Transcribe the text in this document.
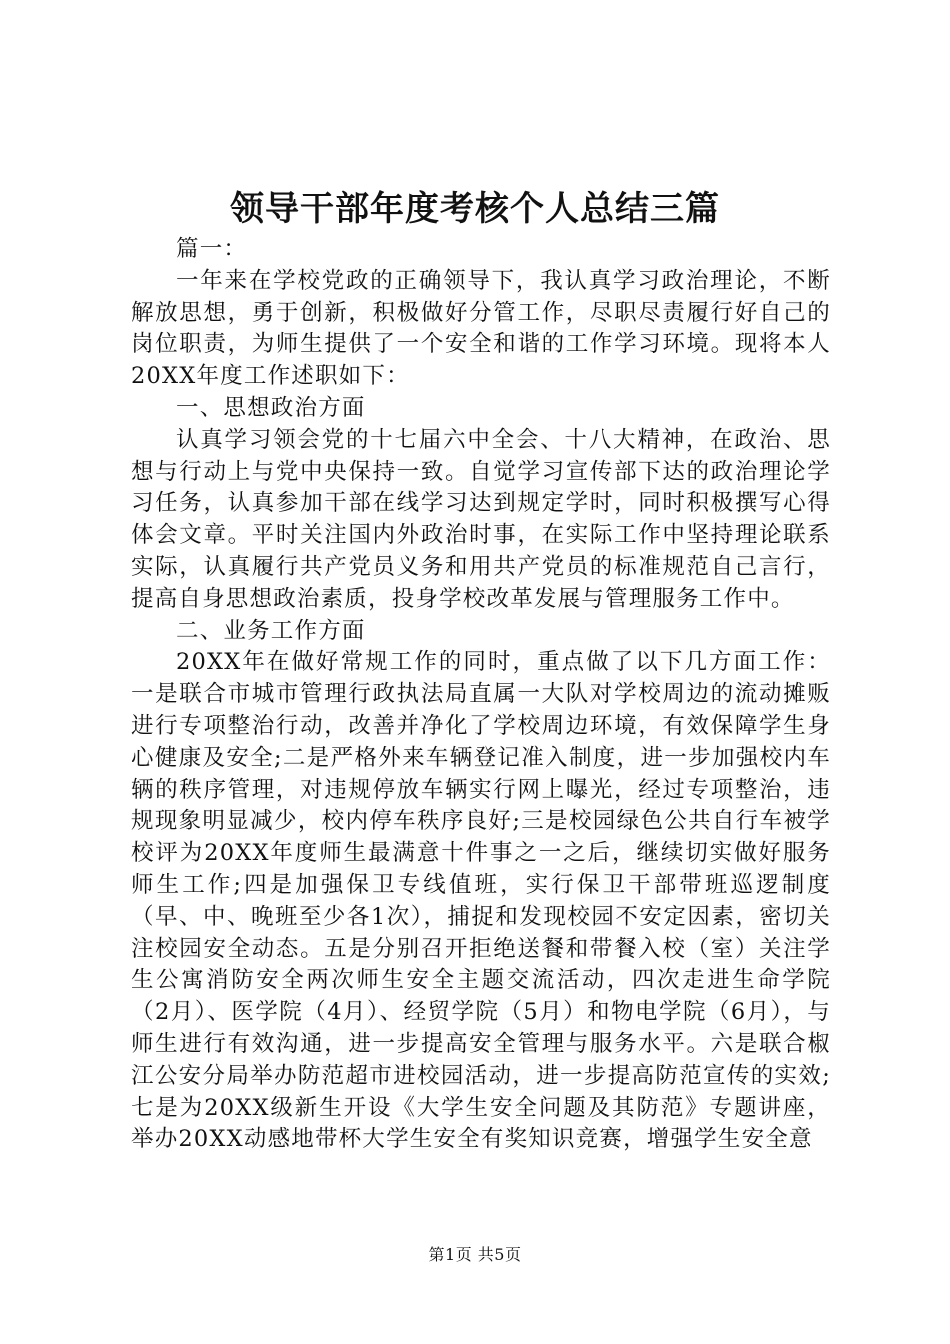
领导干部年度考核个人总结三篇

篇一：

一年来在学校党政的正确领导下，我认真学习政治理论，不断解放思想，勇于创新，积极做好分管工作，尽职尽责履行好自己的岗位职责，为师生提供了一个安全和谐的工作学习环境。现将本人20XX年度工作述职如下：

一、思想政治方面

认真学习领会党的十七届六中全会、十八大精神，在政治、思想与行动上与党中央保持一致。自觉学习宣传部下达的政治理论学习任务，认真参加干部在线学习达到规定学时，同时积极撰写心得体会文章。平时关注国内外政治时事，在实际工作中坚持理论联系实际，认真履行共产党员义务和用共产党员的标准规范自己言行，提高自身思想政治素质，投身学校改革发展与管理服务工作中。

二、业务工作方面

20XX年在做好常规工作的同时，重点做了以下几方面工作：一是联合市城市管理行政执法局直属一大队对学校周边的流动摊贩进行专项整治行动，改善并净化了学校周边环境，有效保障学生身心健康及安全;二是严格外来车辆登记准入制度，进一步加强校内车辆的秩序管理，对违规停放车辆实行网上曝光，经过专项整治，违规现象明显减少，校内停车秩序良好;三是校园绿色公共自行车被学校评为20XX年度师生最满意十件事之一之后，继续切实做好服务师生工作;四是加强保卫专线值班，实行保卫干部带班巡逻制度（早、中、晚班至少各1次），捕捉和发现校园不安定因素，密切关注校园安全动态。五是分别召开拒绝送餐和带餐入校（室）关注学生公寓消防安全两次师生安全主题交流活动，四次走进生命学院（2月）、医学院（4月）、经贸学院（5月）和物电学院（6月），与师生进行有效沟通，进一步提高安全管理与服务水平。六是联合椒江公安分局举办防范超市进校园活动，进一步提高防范宣传的实效;七是为20XX级新生开设《大学生安全问题及其防范》专题讲座，举办20XX动感地带杯大学生安全有奖知识竞赛，增强学生安全意

第1页 共5页
